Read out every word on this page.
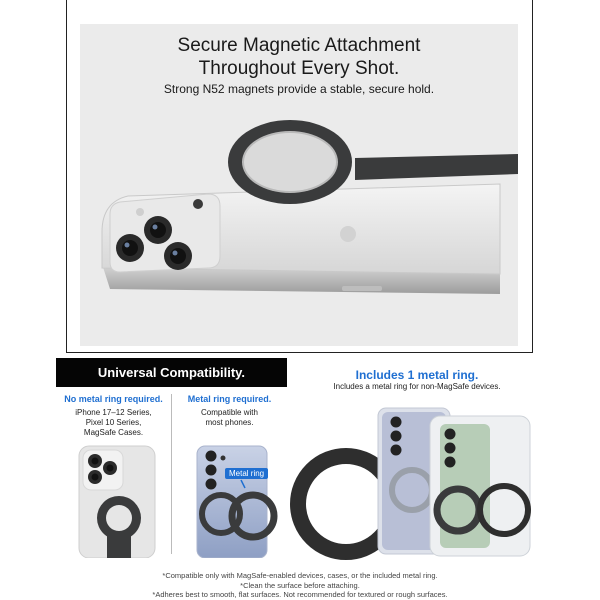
Secure Magnetic Attachment
Throughout Every Shot.
Strong N52 magnets provide a stable, secure hold.
Universal Compatibility.
No metal ring required.
iPhone 17–12 Series,
Pixel 10 Series,
MagSafe Cases.
Metal ring required.
Compatible with
most phones.
Metal ring
Includes 1 metal ring.
Includes a metal ring for non-MagSafe devices.
*Compatible only with MagSafe-enabled devices, cases, or the included metal ring.
*Clean the surface before attaching.
*Adheres best to smooth, flat surfaces. Not recommended for textured or rough surfaces.
